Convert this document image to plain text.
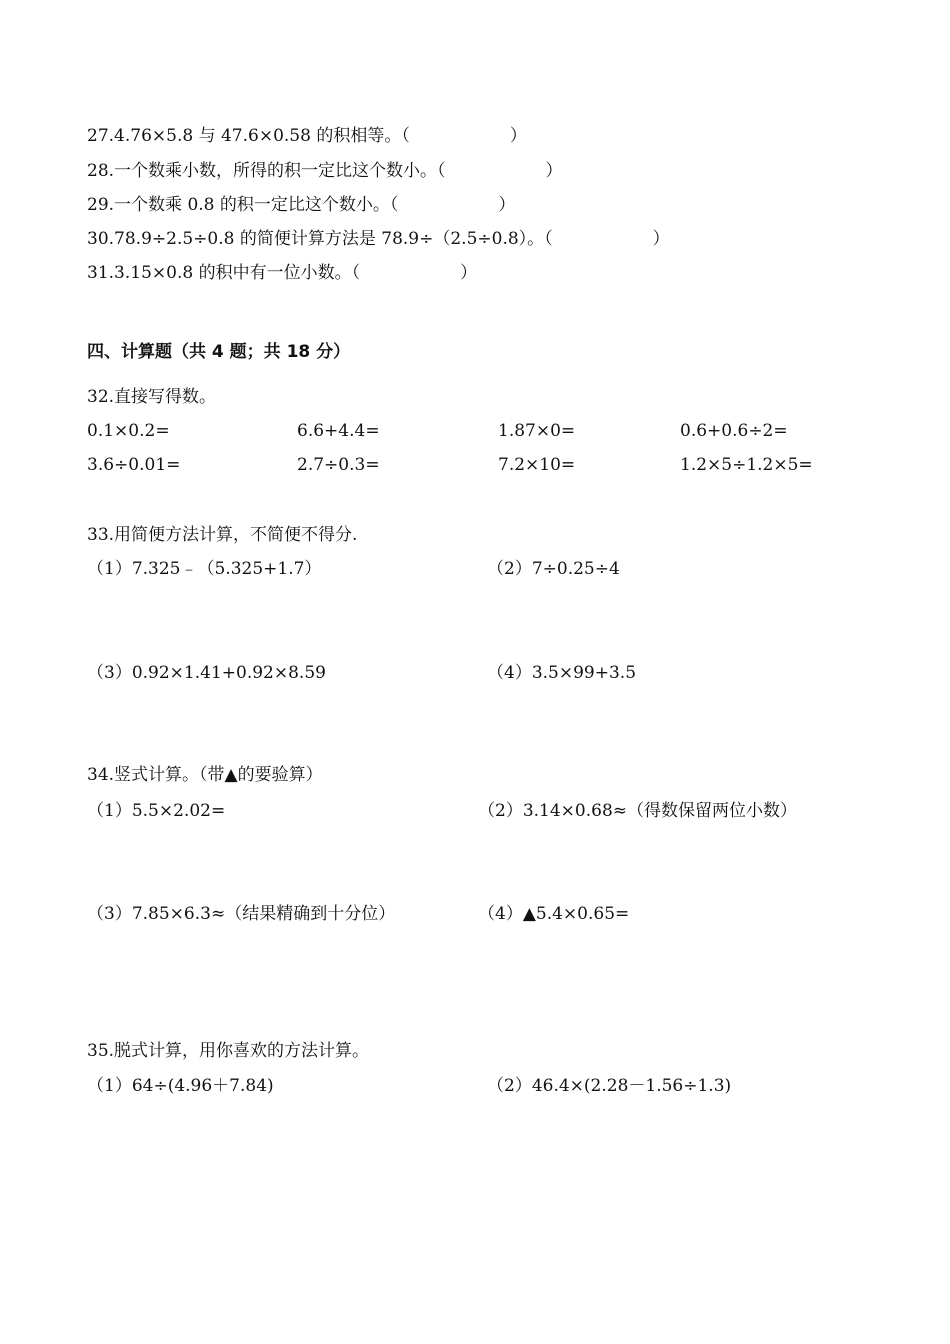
27.4.76×5.8 与 47.6×0.58 的积相等。（	）
28.一个数乘小数，所得的积一定比这个数小。（	）
29.一个数乘 0.8 的积一定比这个数小。（	）
30.78.9÷2.5÷0.8 的简便计算方法是 78.9÷（2.5÷0.8）。（	）
31.3.15×0.8 的积中有一位小数。（	）
四、计算题（共 4 题；共 18 分）
32.直接写得数。
0.1×0.2=	6.6+4.4=	1.87×0=	0.6+0.6÷2=
3.6÷0.01=	2.7÷0.3=	7.2×10=	1.2×5÷1.2×5=
33.用简便方法计算，不简便不得分.
（1）7.325﹣（5.325+1.7）	（2）7÷0.25÷4
（3）0.92×1.41+0.92×8.59	（4）3.5×99+3.5
34.竖式计算。（带▲的要验算）
（1）5.5×2.02=	（2）3.14×0.68≈（得数保留两位小数）
（3）7.85×6.3≈（结果精确到十分位）	（4）▲5.4×0.65=
35.脱式计算，用你喜欢的方法计算。
（1）64÷(4.96＋7.84)	（2）46.4×(2.28－1.56÷1.3)
